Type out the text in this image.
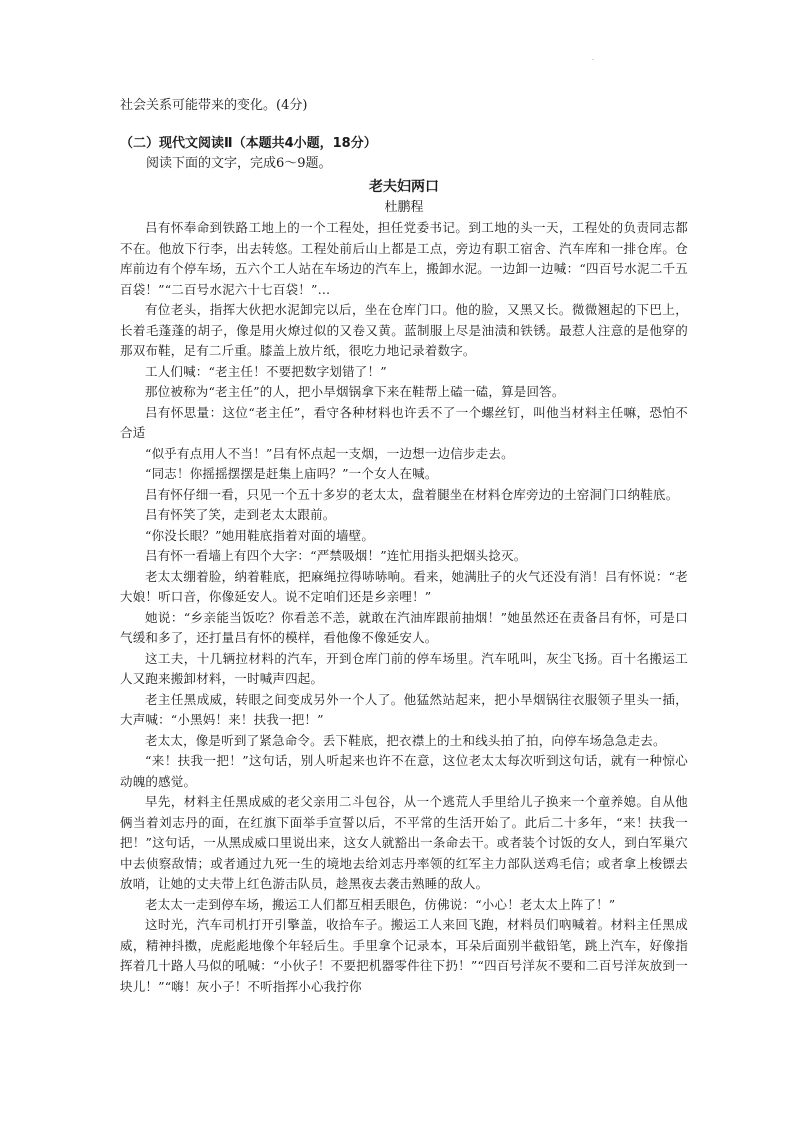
·

社会关系可能带来的变化。(4分)

（二）现代文阅读Ⅱ（本题共4小题，18分）

阅读下面的文字，完成6～9题。

老夫妇两口

杜鹏程

吕有怀奉命到铁路工地上的一个工程处，担任党委书记。到工地的头一天，工程处的负责同志都不在。他放下行李，出去转悠。工程处前后山上都是工点，旁边有职工宿舍、汽车库和一排仓库。仓库前边有个停车场，五六个工人站在车场边的汽车上，搬卸水泥。一边卸一边喊：“四百号水泥二千五百袋！”“二百号水泥六十七百袋！”…

有位老头，指挥大伙把水泥卸完以后，坐在仓库门口。他的脸，又黑又长。微微翘起的下巴上，长着毛蓬蓬的胡子，像是用火燎过似的又卷又黄。蓝制服上尽是油渍和铁锈。最惹人注意的是他穿的那双布鞋，足有二斤重。膝盖上放片纸，很吃力地记录着数字。

工人们喊：“老主任！不要把数字划错了！”

那位被称为“老主任”的人，把小旱烟锅拿下来在鞋帮上磕一磕，算是回答。

吕有怀思量：这位“老主任”，看守各种材料也许丢不了一个螺丝钉，叫他当材料主任嘛，恐怕不合适

“似乎有点用人不当！”吕有怀点起一支烟，一边想一边信步走去。

“同志！你摇摇摆摆是赶集上庙吗？”一个女人在喊。

吕有怀仔细一看，只见一个五十多岁的老太太，盘着腿坐在材料仓库旁边的土窑洞门口纳鞋底。

吕有怀笑了笑，走到老太太跟前。

“你没长眼？”她用鞋底指着对面的墙壁。

吕有怀一看墙上有四个大字：“严禁吸烟！”连忙用指头把烟头捻灭。

老太太绷着脸，纳着鞋底，把麻绳拉得哧哧响。看来，她满肚子的火气还没有消！吕有怀说：“老大娘！听口音，你像延安人。说不定咱们还是乡亲哩！”

她说：“乡亲能当饭吃？你看恙不恙，就敢在汽油库跟前抽烟！”她虽然还在责备吕有怀，可是口气缓和多了，还打量吕有怀的模样，看他像不像延安人。

这工夫，十几辆拉材料的汽车，开到仓库门前的停车场里。汽车吼叫，灰尘飞扬。百十名搬运工人又跑来搬卸材料，一时喊声四起。

老主任黑成威，转眼之间变成另外一个人了。他猛然站起来，把小旱烟锅往衣服领子里头一插，大声喊：“小黑妈！来！扶我一把！”

老太太，像是听到了紧急命令。丢下鞋底，把衣襟上的土和线头拍了拍，向停车场急急走去。

“来！扶我一把！”这句话，别人听起来也许不在意，这位老太太每次听到这句话，就有一种惊心动魄的感觉。

早先，材料主任黑成威的老父亲用二斗包谷，从一个逃荒人手里给儿子换来一个童养媳。自从他俩当着刘志丹的面，在红旗下面举手宣誓以后，不平常的生活开始了。此后二十多年，“来！扶我一把！”这句话，一从黑成威口里说出来，这女人就豁出一条命去干。或者装个讨饭的女人，到白军巢穴中去侦察敌情；或者通过九死一生的境地去给刘志丹率领的红军主力部队送鸡毛信；或者拿上梭镖去放哨，让她的丈夫带上红色游击队员，趁黑夜去袭击熟睡的敌人。

老太太一走到停车场，搬运工人们都互相丢眼色，仿佛说：“小心！老太太上阵了！”

这时光，汽车司机打开引擎盖，收拾车子。搬运工人来回飞跑，材料员们吶喊着。材料主任黑成威，精神抖擞，虎彪彪地像个年轻后生。手里拿个记录本，耳朵后面别半截铅笔，跳上汽车，好像指挥着几十路人马似的吼喊：“小伙子！不要把机器零件往下扔！”“四百号洋灰不要和二百号洋灰放到一块儿！”“嗨！灰小子！不听指挥小心我拧你
